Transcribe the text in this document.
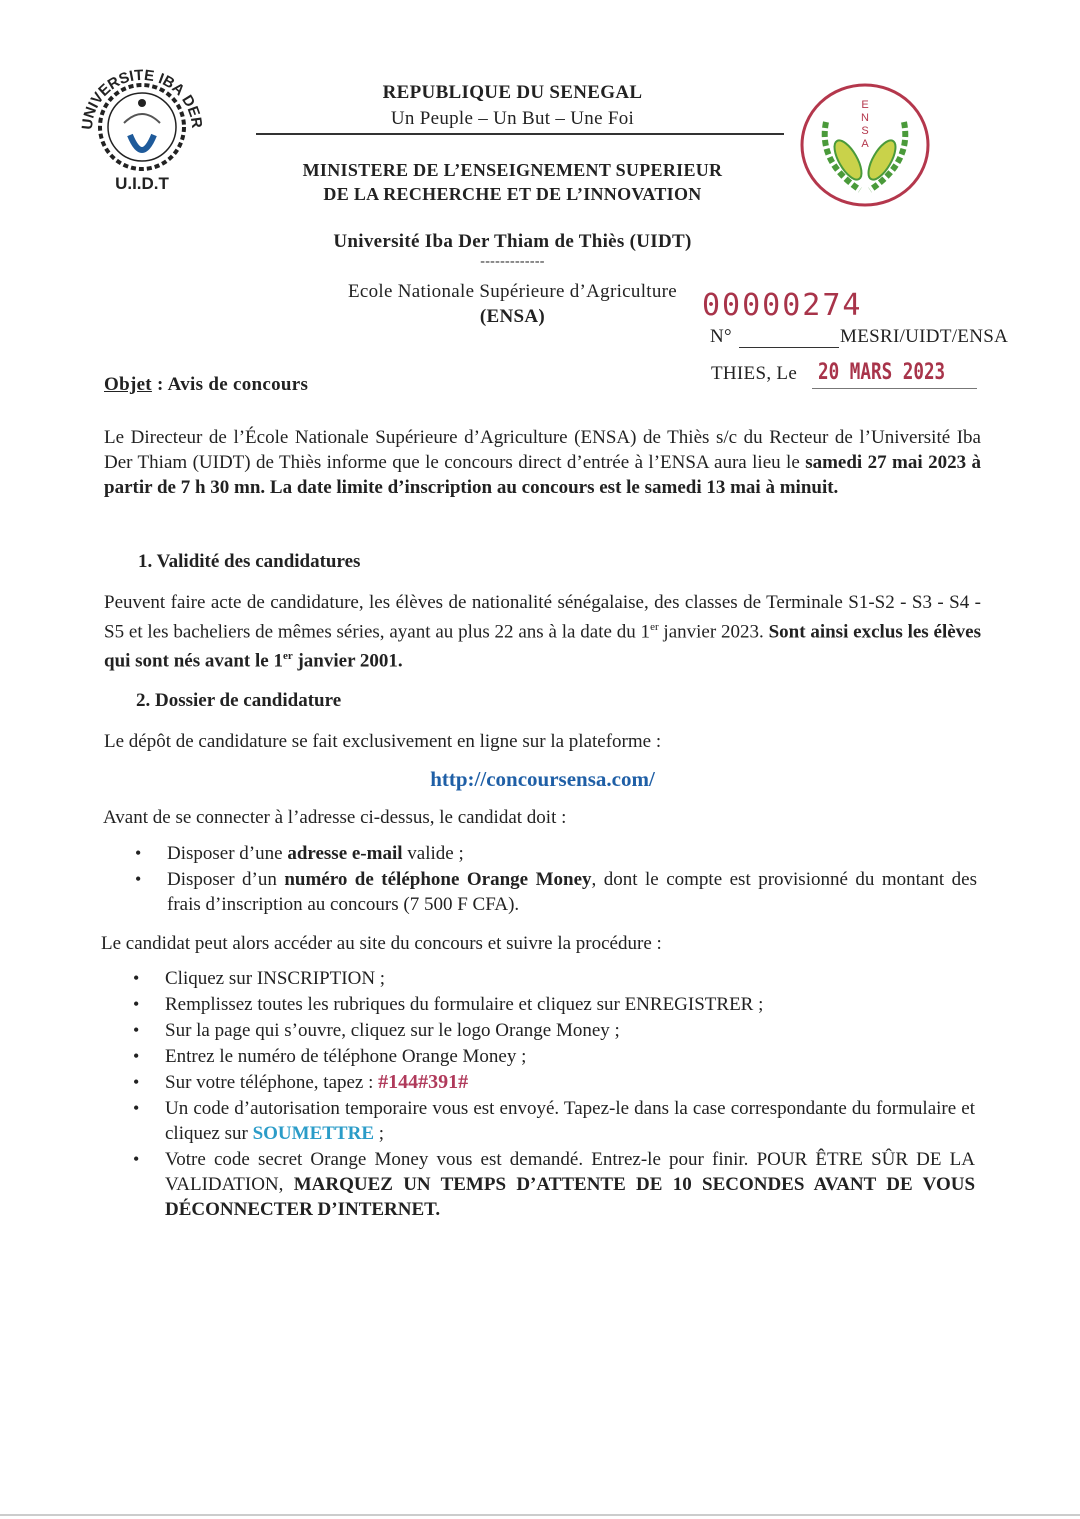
UNIVERSITE IBA DER
U.I.D.T
E
N
S
A
REPUBLIQUE DU SENEGAL
Un Peuple – Un But – Une Foi
MINISTERE DE L’ENSEIGNEMENT SUPERIEUR
DE LA RECHERCHE ET DE L’INNOVATION
Université Iba Der Thiam de Thiès (UIDT)
-------------
Ecole Nationale Supérieure d’Agriculture
(ENSA)	00000274
N°	MESRI/UIDT/ENSA
THIES, Le 20 MARS 2023
Objet : Avis de concours
Le Directeur de l’École Nationale Supérieure d’Agriculture (ENSA) de Thiès s/c du Recteur de l’Université Iba Der Thiam (UIDT) de Thiès informe que le concours direct d’entrée à l’ENSA aura lieu le samedi 27 mai 2023 à partir de 7 h 30 mn. La date limite d’inscription au concours est le samedi 13 mai à minuit.
1. Validité des candidatures
Peuvent faire acte de candidature, les élèves de nationalité sénégalaise, des classes de Terminale S1-S2 - S3 - S4 - S5 et les bacheliers de mêmes séries, ayant au plus 22 ans à la date du 1er janvier 2023. Sont ainsi exclus les élèves qui sont nés avant le 1er janvier 2001.
2. Dossier de candidature
Le dépôt de candidature se fait exclusivement en ligne sur la plateforme :
http://concoursensa.com/
Avant de se connecter à l’adresse ci-dessus, le candidat doit :
• Disposer d’une adresse e-mail valide ;
• Disposer d’un numéro de téléphone Orange Money, dont le compte est provisionné du montant des frais d’inscription au concours (7 500 F CFA).
Le candidat peut alors accéder au site du concours et suivre la procédure :
• Cliquez sur INSCRIPTION ;
• Remplissez toutes les rubriques du formulaire et cliquez sur ENREGISTRER ;
• Sur la page qui s’ouvre, cliquez sur le logo Orange Money ;
• Entrez le numéro de téléphone Orange Money ;
• Sur votre téléphone, tapez : #144#391#
• Un code d’autorisation temporaire vous est envoyé. Tapez-le dans la case correspondante du formulaire et cliquez sur SOUMETTRE ;
• Votre code secret Orange Money vous est demandé. Entrez-le pour finir. POUR ÊTRE SÛR DE LA VALIDATION, MARQUEZ UN TEMPS D’ATTENTE DE 10 SECONDES AVANT DE VOUS DÉCONNECTER D’INTERNET.
